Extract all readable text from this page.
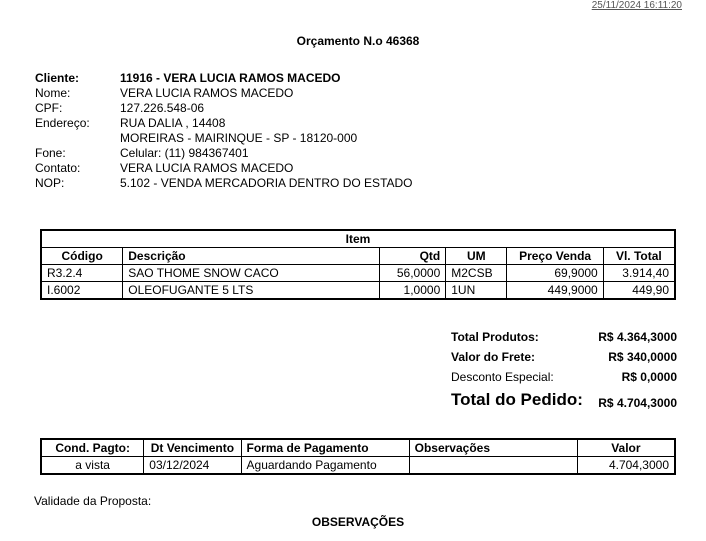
25/11/2024 16:11:20
Orçamento N.o 46368
Cliente:	11916 - VERA LUCIA RAMOS MACEDO
Nome:	VERA LUCIA RAMOS MACEDO
CPF:	127.226.548-06
Endereço:	RUA DALIA , 14408
MOREIRAS - MAIRINQUE - SP - 18120-000
Fone:	Celular: (11) 984367401
Contato:	VERA LUCIA RAMOS MACEDO
NOP:	5.102 - VENDA MERCADORIA DENTRO DO ESTADO
Item					
Código	Descrição	Qtd	UM	Preço Venda	Vl. Total
R3.2.4	SAO THOME SNOW CACO	56,0000	M2CSB	69,9000	3.914,40
I.6002	OLEOFUGANTE 5 LTS	1,0000	1UN	449,9000	449,90
Total Produtos:	R$ 4.364,3000
Valor do Frete:	R$ 340,0000
Desconto Especial:	R$ 0,0000
Total do Pedido: R$ 4.704,3000
Cond. Pagto:	Dt Vencimento	Forma de Pagamento	Observações	Valor
a vista	03/12/2024	Aguardando Pagamento		4.704,3000
Validade da Proposta:
OBSERVAÇÕES
